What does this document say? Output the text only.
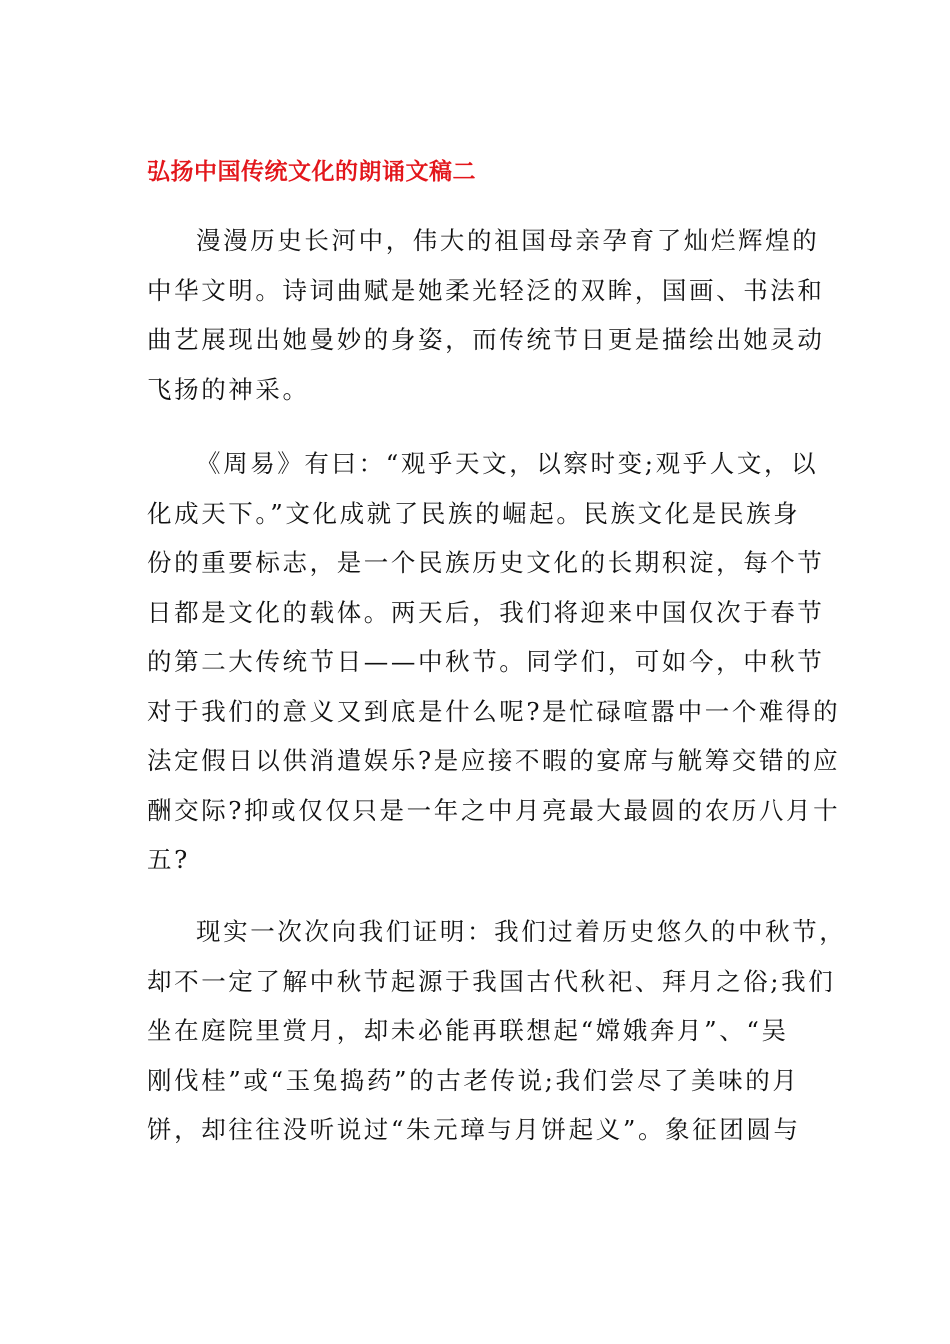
弘扬中国传统文化的朗诵文稿二
漫漫历史长河中，伟大的祖国母亲孕育了灿烂辉煌的
中华文明。诗词曲赋是她柔光轻泛的双眸，国画、书法和
曲艺展现出她曼妙的身姿，而传统节日更是描绘出她灵动
飞扬的神采。
《周易》有曰：“观乎天文，以察时变;观乎人文，以
化成天下。”文化成就了民族的崛起。民族文化是民族身
份的重要标志，是一个民族历史文化的长期积淀，每个节
日都是文化的载体。两天后，我们将迎来中国仅次于春节
的第二大传统节日——中秋节。同学们，可如今，中秋节
对于我们的意义又到底是什么呢?是忙碌喧嚣中一个难得的
法定假日以供消遣娱乐?是应接不暇的宴席与觥筹交错的应
酬交际?抑或仅仅只是一年之中月亮最大最圆的农历八月十
五?
现实一次次向我们证明：我们过着历史悠久的中秋节，
却不一定了解中秋节起源于我国古代秋祀、拜月之俗;我们
坐在庭院里赏月，却未必能再联想起“嫦娥奔月”、“吴
刚伐桂”或“玉兔捣药”的古老传说;我们尝尽了美味的月
饼，却往往没听说过“朱元璋与月饼起义”。象征团圆与
